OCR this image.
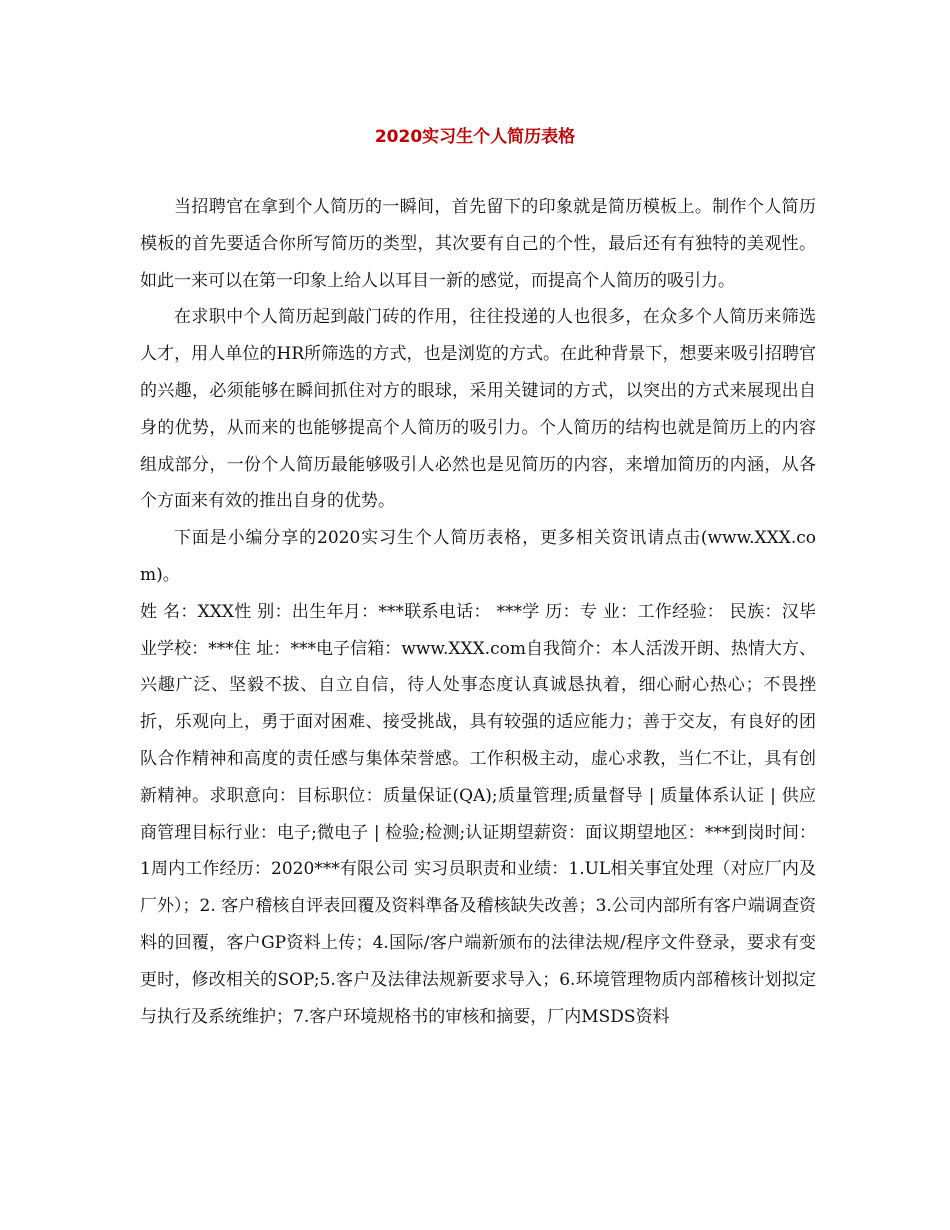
2020实习生个人简历表格

当招聘官在拿到个人简历的一瞬间，首先留下的印象就是简历模板上。制作个人简历模板的首先要适合你所写简历的类型，其次要有自己的个性，最后还有有独特的美观性。如此一来可以在第一印象上给人以耳目一新的感觉，而提高个人简历的吸引力。

在求职中个人简历起到敲门砖的作用，往往投递的人也很多，在众多个人简历来筛选人才，用人单位的HR所筛选的方式，也是浏览的方式。在此种背景下，想要来吸引招聘官的兴趣，必须能够在瞬间抓住对方的眼球，采用关键词的方式，以突出的方式来展现出自身的优势，从而来的也能够提高个人简历的吸引力。个人简历的结构也就是简历上的内容组成部分，一份个人简历最能够吸引人必然也是见简历的内容，来增加简历的内涵，从各个方面来有效的推出自身的优势。

下面是小编分享的2020实习生个人简历表格，更多相关资讯请点击(www.XXX.com)。

姓 名：XXX性 别：出生年月：***联系电话： ***学 历：专 业：工作经验： 民族：汉毕业学校：***住 址：***电子信箱：www.XXX.com自我简介：本人活泼开朗、热情大方、兴趣广泛、坚毅不拔、自立自信，待人处事态度认真诚恳执着，细心耐心热心；不畏挫折，乐观向上，勇于面对困难、接受挑战，具有较强的适应能力；善于交友，有良好的团队合作精神和高度的责任感与集体荣誉感。工作积极主动，虚心求教，当仁不让，具有创新精神。求职意向：目标职位：质量保证(QA);质量管理;质量督导 | 质量体系认证 | 供应商管理目标行业：电子;微电子 | 检验;检测;认证期望薪资：面议期望地区：***到岗时间：1周内工作经历：2020***有限公司 实习员职责和业绩：1.UL相关事宜处理（对应厂内及厂外）；2. 客户稽核自评表回覆及资料準备及稽核缺失改善；3.公司内部所有客户端调查资料的回覆，客户GP资料上传；4.国际/客户端新颁布的法律法规/程序文件登录，要求有变更时，修改相关的SOP;5.客户及法律法规新要求导入；6.环境管理物质内部稽核计划拟定与执行及系统维护；7.客户环境规格书的审核和摘要，厂内MSDS资料
